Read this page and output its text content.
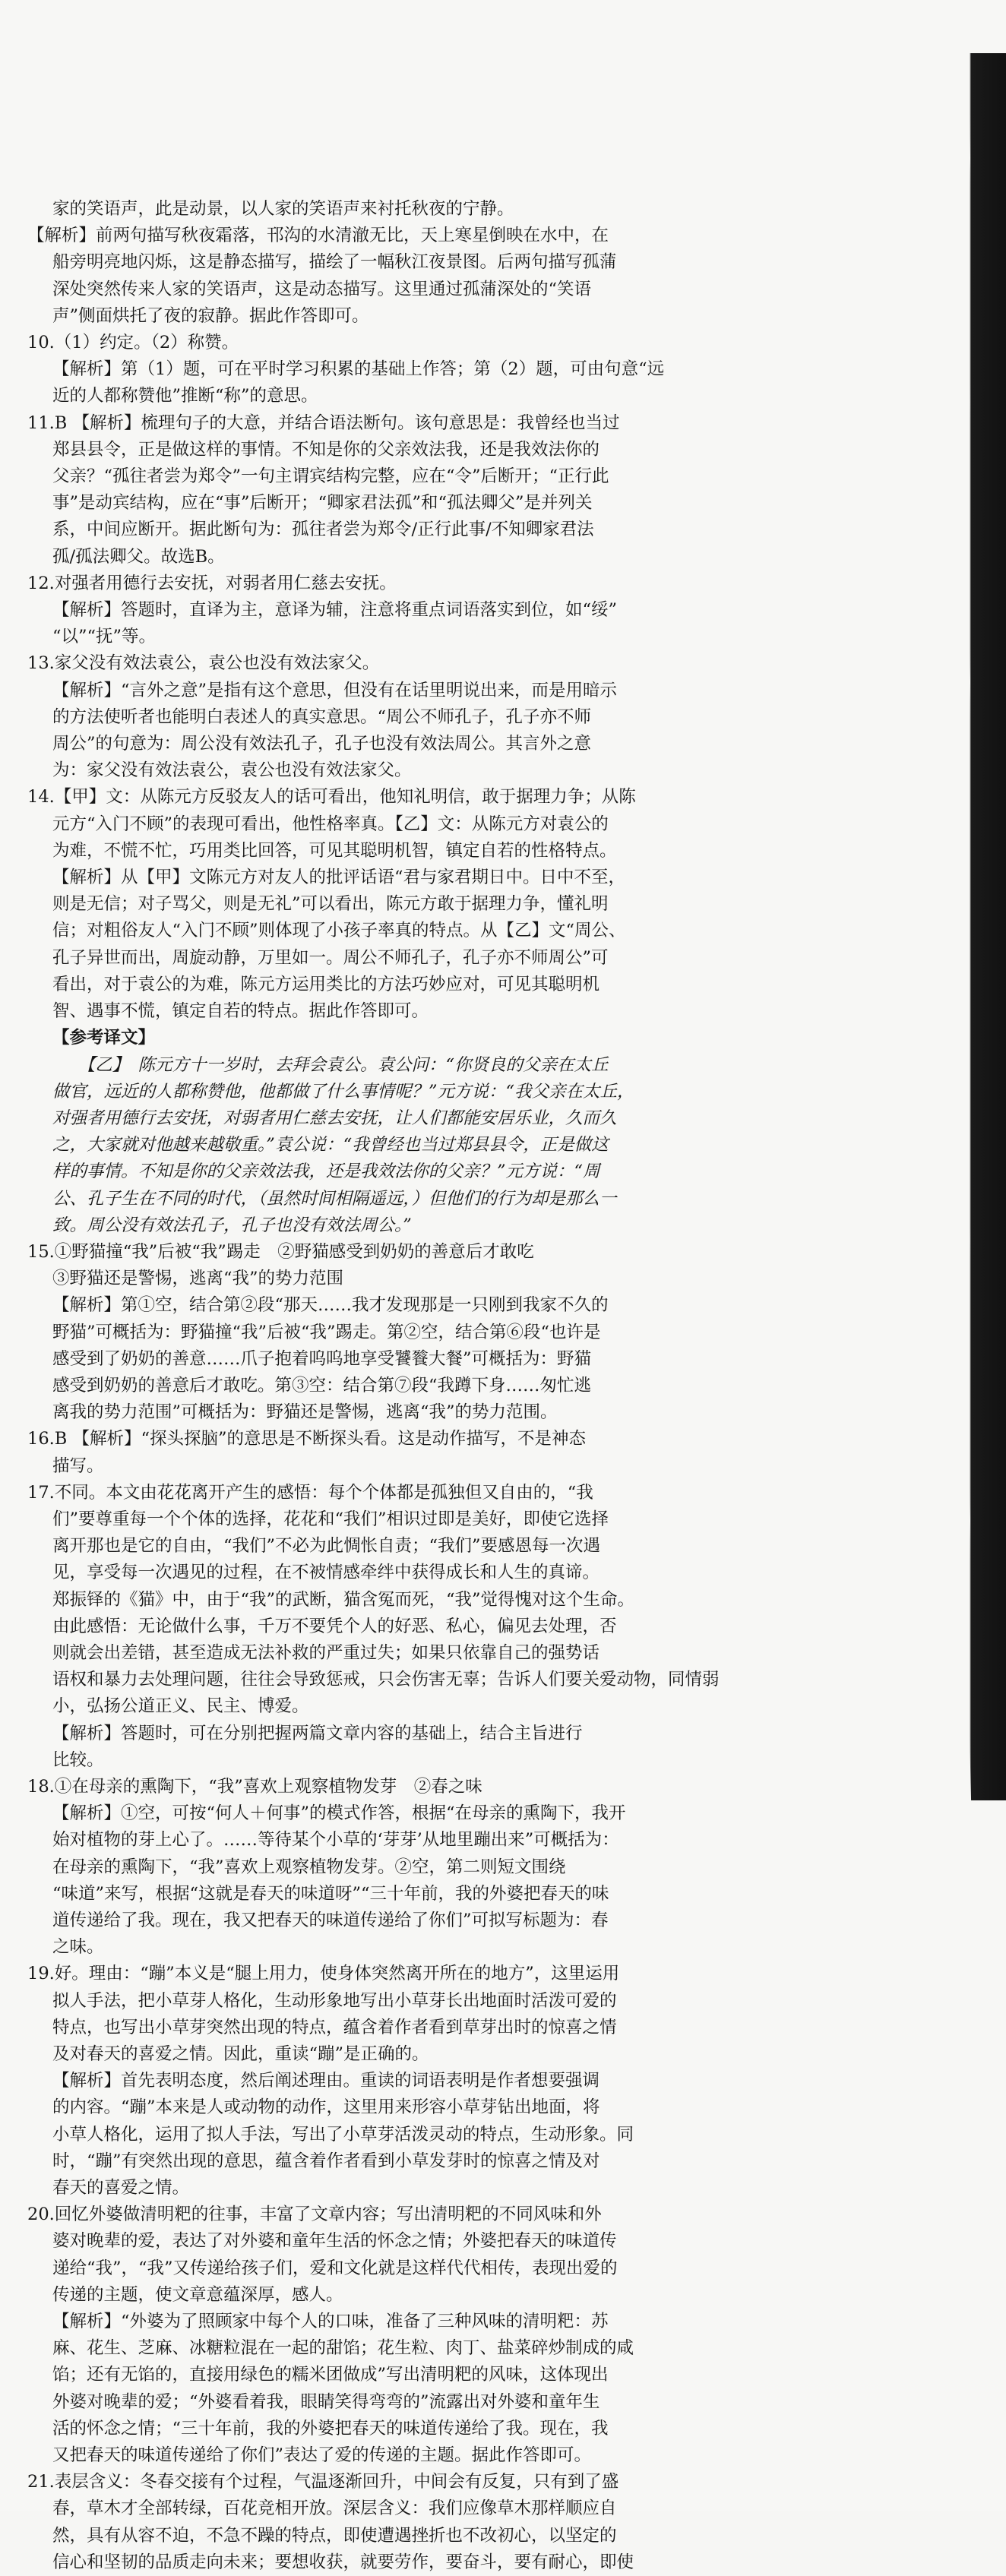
家的笑语声，此是动景，以人家的笑语声来衬托秋夜的宁静。
【解析】前两句描写秋夜霜落，邗沟的水清澈无比，天上寒星倒映在水中，在
船旁明亮地闪烁，这是静态描写，描绘了一幅秋江夜景图。后两句描写孤蒲
深处突然传来人家的笑语声，这是动态描写。这里通过孤蒲深处的“笑语
声”侧面烘托了夜的寂静。据此作答即可。
10.（1）约定。（2）称赞。
【解析】第（1）题，可在平时学习积累的基础上作答；第（2）题，可由句意“远
近的人都称赞他”推断“称”的意思。
11.B 【解析】梳理句子的大意，并结合语法断句。该句意思是：我曾经也当过
郑县县令，正是做这样的事情。不知是你的父亲效法我，还是我效法你的
父亲？“孤往者尝为郑令”一句主谓宾结构完整，应在“令”后断开；“正行此
事”是动宾结构，应在“事”后断开；“卿家君法孤”和“孤法卿父”是并列关
系，中间应断开。据此断句为：孤往者尝为郑令/正行此事/不知卿家君法
孤/孤法卿父。故选B。
12.对强者用德行去安抚，对弱者用仁慈去安抚。
【解析】答题时，直译为主，意译为辅，注意将重点词语落实到位，如“绥”
“以”“抚”等。
13.家父没有效法袁公，袁公也没有效法家父。
【解析】“言外之意”是指有这个意思，但没有在话里明说出来，而是用暗示
的方法使听者也能明白表述人的真实意思。“周公不师孔子，孔子亦不师
周公”的句意为：周公没有效法孔子，孔子也没有效法周公。其言外之意
为：家父没有效法袁公，袁公也没有效法家父。
14.【甲】文：从陈元方反驳友人的话可看出，他知礼明信，敢于据理力争；从陈
元方“入门不顾”的表现可看出，他性格率真。【乙】文：从陈元方对袁公的
为难，不慌不忙，巧用类比回答，可见其聪明机智，镇定自若的性格特点。
【解析】从【甲】文陈元方对友人的批评话语“君与家君期日中。日中不至，
则是无信；对子骂父，则是无礼”可以看出，陈元方敢于据理力争，懂礼明
信；对粗俗友人“入门不顾”则体现了小孩子率真的特点。从【乙】文“周公、
孔子异世而出，周旋动静，万里如一。周公不师孔子，孔子亦不师周公”可
看出，对于袁公的为难，陈元方运用类比的方法巧妙应对，可见其聪明机
智、遇事不慌，镇定自若的特点。据此作答即可。
【参考译文】
　　【乙】　陈元方十一岁时，去拜会袁公。袁公问：“你贤良的父亲在太丘
做官，远近的人都称赞他，他都做了什么事情呢？”元方说：“我父亲在太丘，
对强者用德行去安抚，对弱者用仁慈去安抚，让人们都能安居乐业，久而久
之，大家就对他越来越敬重。”袁公说：“我曾经也当过郑县县令，正是做这
样的事情。不知是你的父亲效法我，还是我效法你的父亲？”元方说：“周
公、孔子生在不同的时代，（虽然时间相隔遥远，）但他们的行为却是那么一
致。周公没有效法孔子，孔子也没有效法周公。”
15.①野猫撞“我”后被“我”踢走　②野猫感受到奶奶的善意后才敢吃
③野猫还是警惕，逃离“我”的势力范围
【解析】第①空，结合第②段“那天……我才发现那是一只刚到我家不久的
野猫”可概括为：野猫撞“我”后被“我”踢走。第②空，结合第⑥段“也许是
感受到了奶奶的善意……爪子抱着呜呜地享受饕餮大餐”可概括为：野猫
感受到奶奶的善意后才敢吃。第③空：结合第⑦段“我蹲下身……匆忙逃
离我的势力范围”可概括为：野猫还是警惕，逃离“我”的势力范围。
16.B 【解析】“探头探脑”的意思是不断探头看。这是动作描写，不是神态
描写。
17.不同。本文由花花离开产生的感悟：每个个体都是孤独但又自由的，“我
们”要尊重每一个个体的选择，花花和“我们”相识过即是美好，即使它选择
离开那也是它的自由，“我们”不必为此惆怅自责；“我们”要感恩每一次遇
见，享受每一次遇见的过程，在不被情感牵绊中获得成长和人生的真谛。
郑振铎的《猫》中，由于“我”的武断，猫含冤而死，“我”觉得愧对这个生命。
由此感悟：无论做什么事，千万不要凭个人的好恶、私心，偏见去处理，否
则就会出差错，甚至造成无法补救的严重过失；如果只依靠自己的强势话
语权和暴力去处理问题，往往会导致惩戒，只会伤害无辜；告诉人们要关爱动物，同情弱
小，弘扬公道正义、民主、博爱。
【解析】答题时，可在分别把握两篇文章内容的基础上，结合主旨进行
比较。
18.①在母亲的熏陶下，“我”喜欢上观察植物发芽　②春之味
【解析】①空，可按“何人＋何事”的模式作答，根据“在母亲的熏陶下，我开
始对植物的芽上心了。……等待某个小草的‘芽芽’从地里蹦出来”可概括为：
在母亲的熏陶下，“我”喜欢上观察植物发芽。②空，第二则短文围绕
“味道”来写，根据“这就是春天的味道呀”“三十年前，我的外婆把春天的味
道传递给了我。现在，我又把春天的味道传递给了你们”可拟写标题为：春
之味。
19.好。理由：“蹦”本义是“腿上用力，使身体突然离开所在的地方”，这里运用
拟人手法，把小草芽人格化，生动形象地写出小草芽长出地面时活泼可爱的
特点，也写出小草芽突然出现的特点，蕴含着作者看到草芽出时的惊喜之情
及对春天的喜爱之情。因此，重读“蹦”是正确的。
【解析】首先表明态度，然后阐述理由。重读的词语表明是作者想要强调
的内容。“蹦”本来是人或动物的动作，这里用来形容小草芽钻出地面，将
小草人格化，运用了拟人手法，写出了小草芽活泼灵动的特点，生动形象。同
时，“蹦”有突然出现的意思，蕴含着作者看到小草发芽时的惊喜之情及对
春天的喜爱之情。
20.回忆外婆做清明粑的往事，丰富了文章内容；写出清明粑的不同风味和外
婆对晚辈的爱，表达了对外婆和童年生活的怀念之情；外婆把春天的味道传
递给“我”，“我”又传递给孩子们，爱和文化就是这样代代相传，表现出爱的
传递的主题，使文章意蕴深厚，感人。
【解析】“外婆为了照顾家中每个人的口味，准备了三种风味的清明粑：苏
麻、花生、芝麻、冰糖粒混在一起的甜馅；花生粒、肉丁、盐菜碎炒制成的咸
馅；还有无馅的，直接用绿色的糯米团做成”写出清明粑的风味，这体现出
外婆对晚辈的爱；“外婆看着我，眼睛笑得弯弯的”流露出对外婆和童年生
活的怀念之情；“三十年前，我的外婆把春天的味道传递给了我。现在，我
又把春天的味道传递给了你们”表达了爱的传递的主题。据此作答即可。
21.表层含义：冬春交接有个过程，气温逐渐回升，中间会有反复，只有到了盛
春，草木才全部转绿，百花竞相开放。深层含义：我们应像草木那样顺应自
然，具有从容不迫，不急不躁的特点，即使遭遇挫折也不改初心，以坚定的
信心和坚韧的品质走向未来；要想收获，就要劳作，要奋斗，要有耐心，即使
